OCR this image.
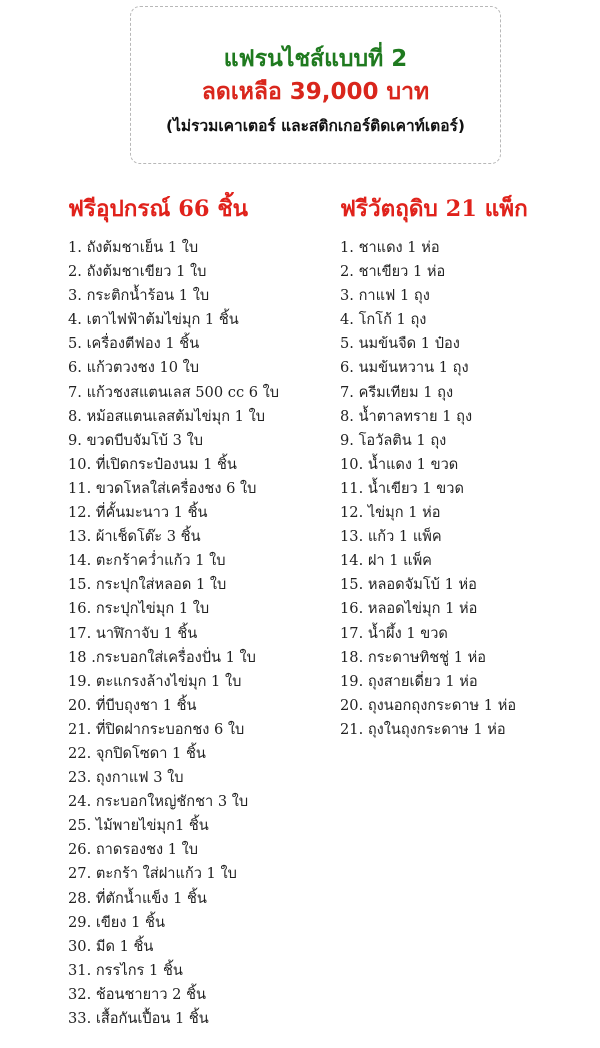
แฟรนไชส์แบบที่ 2
ลดเหลือ 39,000 บาท
(ไม่รวมเคาเตอร์ และสติกเกอร์ติดเคาท์เตอร์)
ฟรีอุปกรณ์ 66 ชิ้น	ฟรีวัตถุดิบ 21 แพ็ก
1. ถังต้มชาเย็น 1 ใบ
2. ถังต้มชาเขียว 1 ใบ
3. กระติกน้ำร้อน 1 ใบ
4. เตาไฟฟ้าต้มไข่มุก 1 ชิ้น
5. เครื่องตีฟอง 1 ชิ้น
6. แก้วตวงชง 10 ใบ
7. แก้วชงสแตนเลส 500 cc 6 ใบ
8. หม้อสแตนเลสต้มไข่มุก 1 ใบ
9. ขวดบีบจัมโบ้ 3 ใบ
10. ที่เปิดกระป๋องนม 1 ชิ้น
11. ขวดโหลใส่เครื่องชง 6 ใบ
12. ที่คั้นมะนาว 1 ชิ้น
13. ผ้าเช็ดโต๊ะ 3 ชิ้น
14. ตะกร้าคว่ำแก้ว 1 ใบ
15. กระปุกใส่หลอด 1 ใบ
16. กระปุกไข่มุก 1 ใบ
17. นาฬิกาจับ 1 ชิ้น
18 .กระบอกใส่เครื่องปั่น 1 ใบ
19. ตะแกรงล้างไข่มุก 1 ใบ
20. ที่บีบถุงชา 1 ชิ้น
21. ที่ปิดฝากระบอกชง 6 ใบ
22. จุกปิดโซดา 1 ชิ้น
23. ถุงกาแฟ 3 ใบ
24. กระบอกใหญ่ชักชา 3 ใบ
25. ไม้พายไข่มุก1 ชิ้น
26. ถาดรองชง 1 ใบ
27. ตะกร้า ใส่ฝาแก้ว 1 ใบ
28. ที่ตักน้ำแข็ง 1 ชิ้น
29. เขียง 1 ชิ้น
30. มีด 1 ชิ้น
31. กรรไกร 1 ชิ้น
32. ช้อนชายาว 2 ชิ้น
33. เสื้อกันเปื้อน 1 ชิ้น
1. ชาแดง 1 ห่อ
2. ชาเขียว 1 ห่อ
3. กาแฟ 1 ถุง
4. โกโก้ 1 ถุง
5. นมข้นจืด 1 ป๋อง
6. นมข้นหวาน 1 ถุง
7. ครีมเทียม 1 ถุง
8. น้ำตาลทราย 1 ถุง
9. โอวัลติน 1 ถุง
10. น้ำแดง 1 ขวด
11. น้ำเขียว 1 ขวด
12. ไข่มุก 1 ห่อ
13. แก้ว 1 แพ็ค
14. ฝา 1 แพ็ค
15. หลอดจัมโบ้ 1 ห่อ
16. หลอดไข่มุก 1 ห่อ
17. น้ำผึ้ง 1 ขวด
18. กระดาษทิชชู่ 1 ห่อ
19. ถุงสายเดี่ยว 1 ห่อ
20. ถุงนอกถุงกระดาษ 1 ห่อ
21. ถุงในถุงกระดาษ 1 ห่อ
